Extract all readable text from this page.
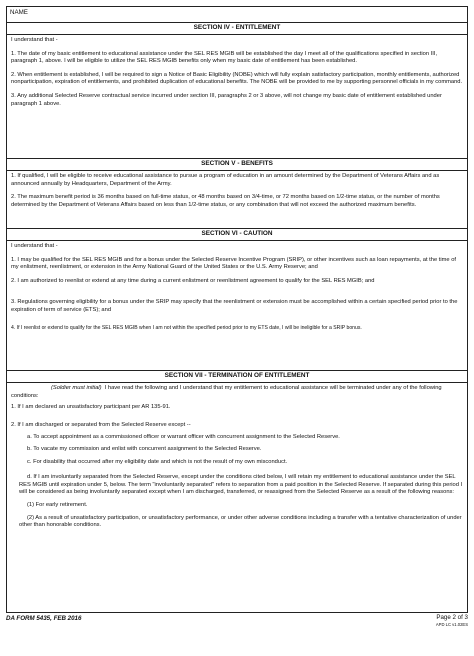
NAME
SECTION IV - ENTITLEMENT

I understand that -

1. The date of my basic entitlement to educational assistance under the SEL RES MGIB will be established the day I meet all of the qualifications specified in section III, paragraph 1, above. I will be eligible to utilize the SEL RES MGIB benefits only when my basic date of entitlement has been established.

2. When entitlement is established, I will be required to sign a Notice of Basic Eligibility (NOBE) which will fully explain satisfactory participation, monthly entitlements, authorized nonparticipation, expiration of entitlements, and prohibited duplication of educational benefits. The NOBE will be provided to me by supporting personnel officials in my command.

3. Any additional Selected Reserve contractual service incurred under section III, paragraphs 2 or 3 above, will not change my basic date of entitlement established under paragraph 1 above.

SECTION V - BENEFITS

1. If qualified, I will be eligible to receive educational assistance to pursue a program of education in an amount determined by the Department of Veterans Affairs and as announced annually by Headquarters, Department of the Army.

2. The maximum benefit period is 36 months based on full-time status, or 48 months based on 3/4-time, or 72 months based on 1/2-time status, or the number of months determined by the Department of Veterans Affairs based on less than 1/2-time status, or any combination that will not exceed the authorized maximum benefits.

SECTION VI - CAUTION

I understand that -

1. I may be qualified for the SEL RES MGIB and for a bonus under the Selected Reserve Incentive Program (SRIP), or other incentives such as loan repayments, at the time of my enlistment, reenlistment, or extension in the Army National Guard of the United States or the U.S. Army Reserve; and

2. I am authorized to reenlist or extend at any time during a current enlistment or reenlistment agreement to qualify for the SEL RES MGIB; and

3. Regulations governing eligibility for a bonus under the SRIP may specify that the reenlistment or extension must be accomplished within a certain specified period prior to the expiration of term of service (ETS); and

4. If I reenlist or extend to qualify for the SEL RES MGIB when I am not within the specified period prior to my ETS date, I will be ineligible for a SRIP bonus.

SECTION VII - TERMINATION OF ENTITLEMENT

(Soldier must initial) I have read the following and I understand that my entitlement to educational assistance will be terminated under any of the following conditions:

1. If I am declared an unsatisfactory participant per AR 135-91.

2. If I am discharged or separated from the Selected Reserve except --

a. To accept appointment as a commissioned officer or warrant officer with concurrent assignment to the Selected Reserve.

b. To vacate my commission and enlist with concurrent assignment to the Selected Reserve.

c. For disability that occurred after my eligibility date and which is not the result of my own misconduct.

d. If I am involuntarily separated from the Selected Reserve, except under the conditions cited below, I will retain my entitlement to educational assistance under the SEL RES MGIB until expiration under 5, below. The term "involuntarily separated" refers to separation from a paid position in the Selected Reserve. If separated during this period I will be considered as being involuntarily separated except when I am discharged, transferred, or reassigned from the Selected Reserve as a result of the following reasons:

(1) For early retirement.

(2) As a result of unsatisfactory participation, or unsatisfactory performance, or under other adverse conditions including a transfer with a tentative characterization of under other than honorable conditions.

DA FORM 5435, FEB 2016	Page 2 of 3
APD LC v1.02ES
